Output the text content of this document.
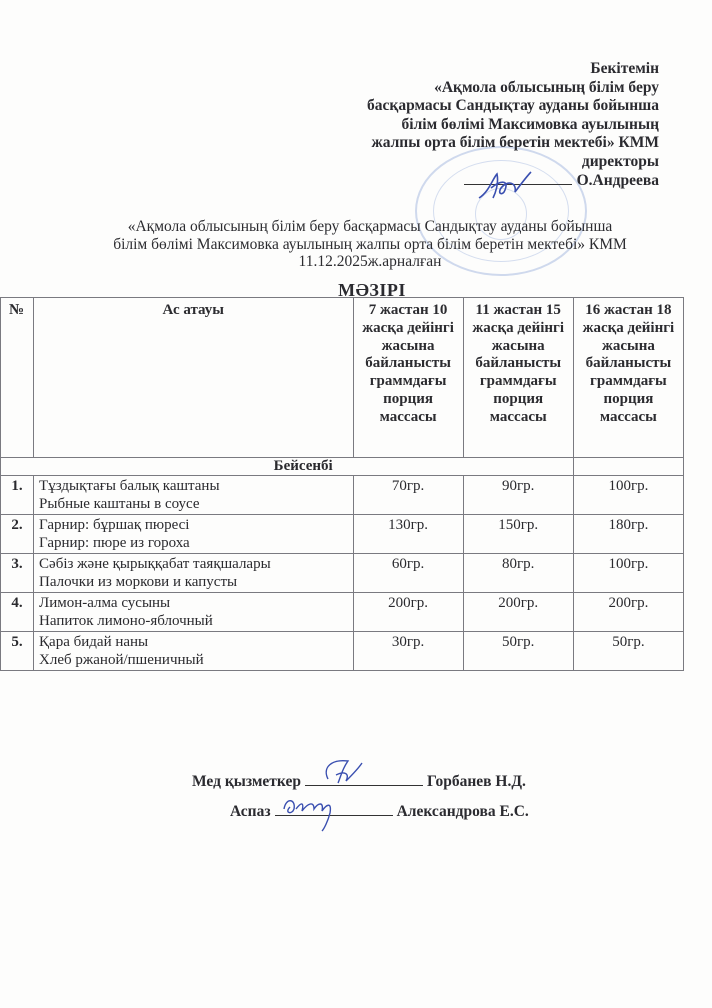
Бекітемін
«Ақмола облысының білім беру
басқармасы Сандықтау ауданы бойынша
білім бөлімі Максимовка ауылының
жалпы орта білім беретін мектебі» КММ
директоры
О.Андреева
«Ақмола облысының білім беру басқармасы Сандықтау ауданы бойынша
білім бөлімі Максимовка ауылының жалпы орта білім беретін мектебі» КММ
11.12.2025ж.арналған
МӘЗІРІ
№	Ас атауы	7 жастан 10 жасқа дейінгі жасына байланысты граммдағы порция массасы	11 жастан 15 жасқа дейінгі жасына байланысты граммдағы порция массасы	16 жастан 18 жасқа дейінгі жасына байланысты граммдағы порция массасы
	Бейсенбі			
1.	Тұздықтағы балық каштаны
Рыбные каштаны в соусе	70гр.	90гр.	100гр.
2.	Гарнир: бұршақ пюресі
Гарнир: пюре из гороха	130гр.	150гр.	180гр.
3.	Сәбіз және қырыққабат таяқшалары
Палочки из моркови и капусты	60гр.	80гр.	100гр.
4.	Лимон-алма сусыны
Напиток лимоно-яблочный	200гр.	200гр.	200гр.
5.	Қара бидай наны
Хлеб ржаной/пшеничный	30гр.	50гр.	50гр.
Мед қызметкер	Горбанев Н.Д.
Аспаз	Александрова Е.С.
